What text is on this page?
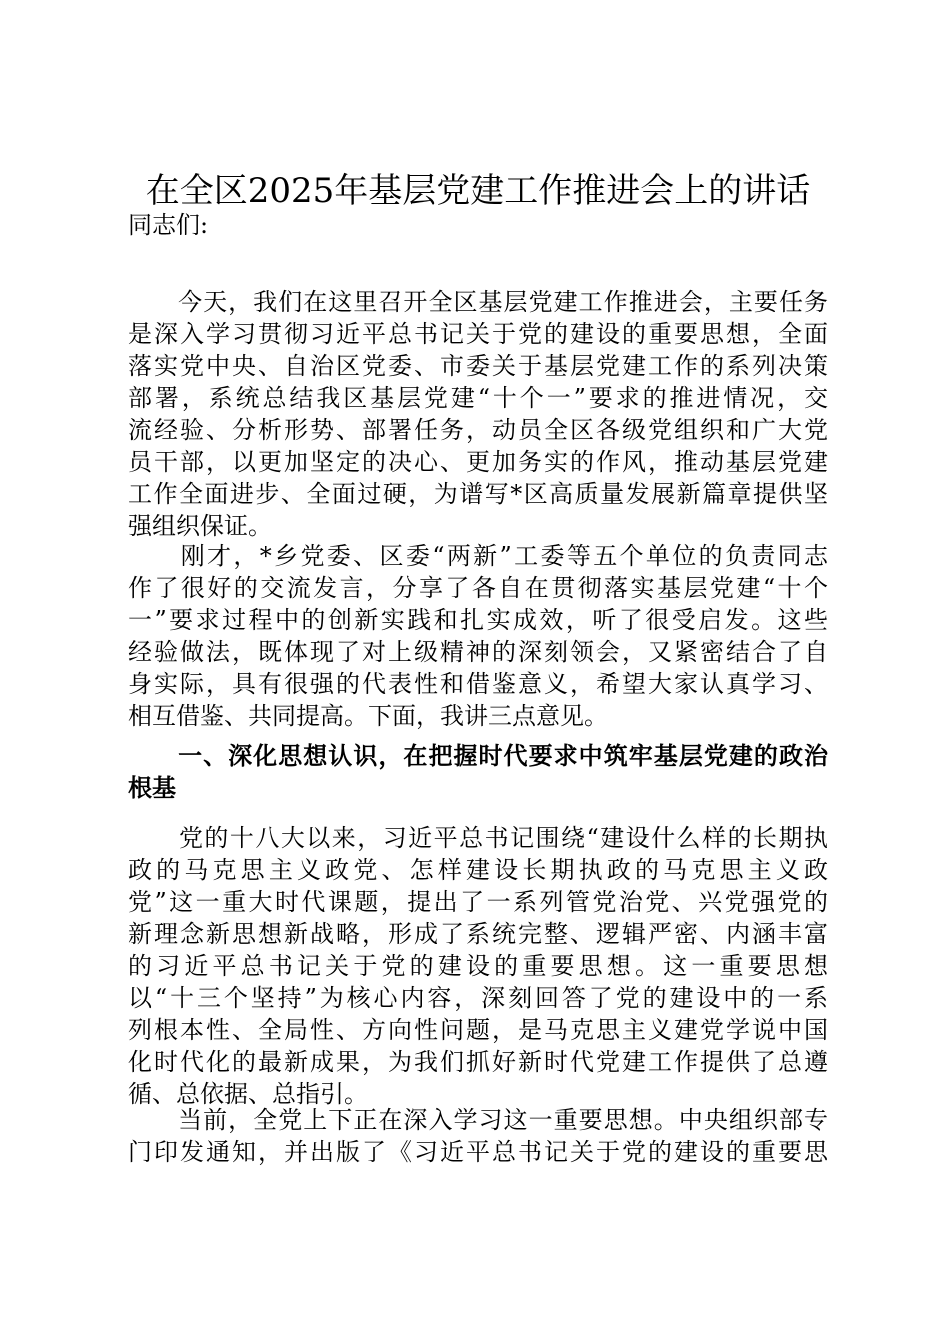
在全区2025年基层党建工作推进会上的讲话
同志们:
　　今天，我们在这里召开全区基层党建工作推进会，主要任务
是深入学习贯彻习近平总书记关于党的建设的重要思想，全面
落实党中央、自治区党委、市委关于基层党建工作的系列决策
部署，系统总结我区基层党建“十个一”要求的推进情况，交
流经验、分析形势、部署任务，动员全区各级党组织和广大党
员干部，以更加坚定的决心、更加务实的作风，推动基层党建
工作全面进步、全面过硬，为谱写*区高质量发展新篇章提供坚
强组织保证。
　　刚才，*乡党委、区委“两新”工委等五个单位的负责同志
作了很好的交流发言，分享了各自在贯彻落实基层党建“十个
一”要求过程中的创新实践和扎实成效，听了很受启发。这些
经验做法，既体现了对上级精神的深刻领会，又紧密结合了自
身实际，具有很强的代表性和借鉴意义，希望大家认真学习、
相互借鉴、共同提高。下面，我讲三点意见。
　　一、深化思想认识，在把握时代要求中筑牢基层党建的政治
根基
　　党的十八大以来，习近平总书记围绕“建设什么样的长期执
政的马克思主义政党、怎样建设长期执政的马克思主义政
党”这一重大时代课题，提出了一系列管党治党、兴党强党的
新理念新思想新战略，形成了系统完整、逻辑严密、内涵丰富
的习近平总书记关于党的建设的重要思想。这一重要思想
以“十三个坚持”为核心内容，深刻回答了党的建设中的一系
列根本性、全局性、方向性问题，是马克思主义建党学说中国
化时代化的最新成果，为我们抓好新时代党建工作提供了总遵
循、总依据、总指引。
　　当前，全党上下正在深入学习这一重要思想。中央组织部专
门印发通知，并出版了《习近平总书记关于党的建设的重要思
